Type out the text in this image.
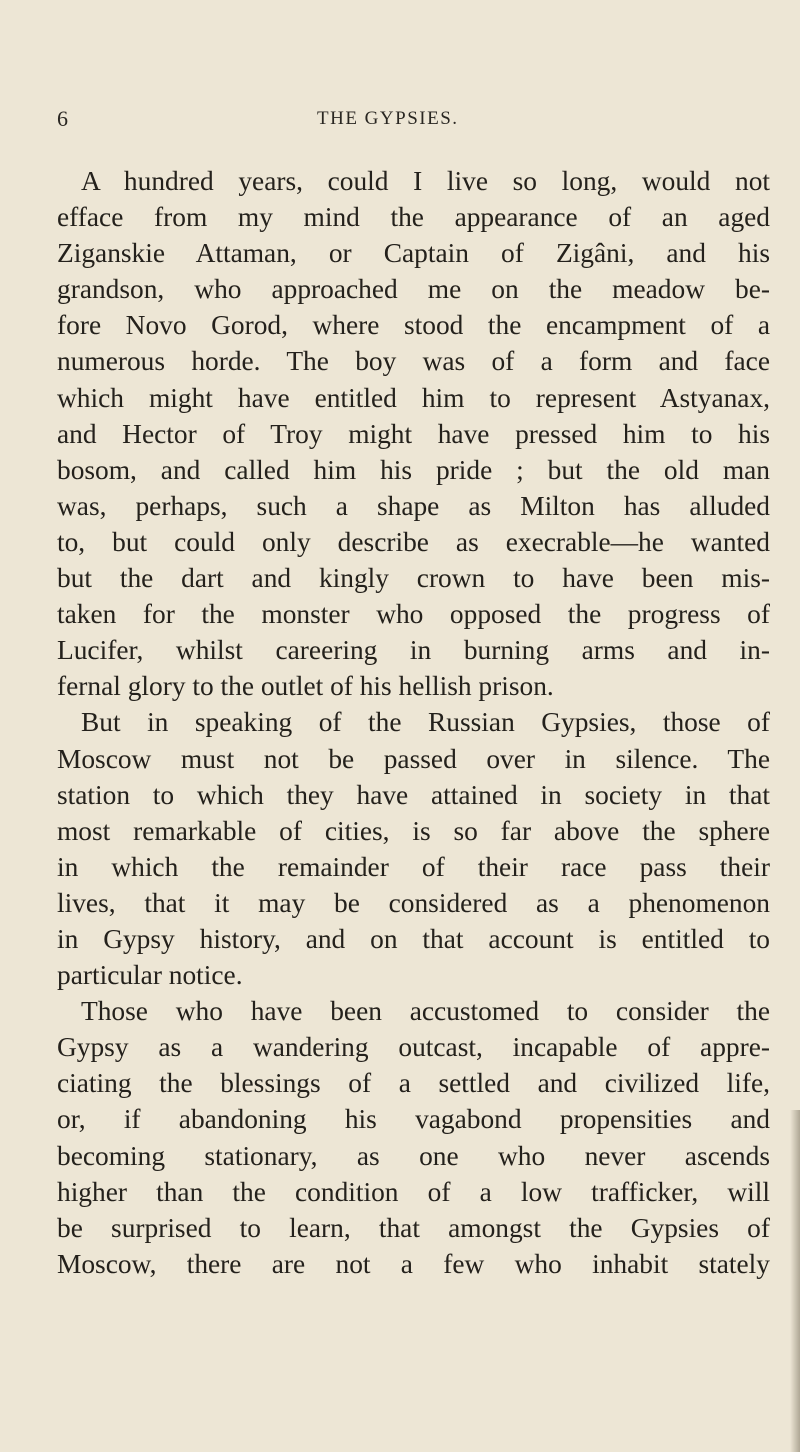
6	THE GYPSIES.
A hundred years, could I live so long, would not
efface from my mind the appearance of an aged
Ziganskie Attaman, or Captain of Zigâni, and his
grandson, who approached me on the meadow be-
fore Novo Gorod, where stood the encampment of a
numerous horde. The boy was of a form and face
which might have entitled him to represent Astyanax,
and Hector of Troy might have pressed him to his
bosom, and called him his pride ; but the old man
was, perhaps, such a shape as Milton has alluded
to, but could only describe as execrable—he wanted
but the dart and kingly crown to have been mis-
taken for the monster who opposed the progress of
Lucifer, whilst careering in burning arms and in-
fernal glory to the outlet of his hellish prison.
But in speaking of the Russian Gypsies, those of
Moscow must not be passed over in silence. The
station to which they have attained in society in that
most remarkable of cities, is so far above the sphere
in which the remainder of their race pass their
lives, that it may be considered as a phenomenon
in Gypsy history, and on that account is entitled to
particular notice.
Those who have been accustomed to consider the
Gypsy as a wandering outcast, incapable of appre-
ciating the blessings of a settled and civilized life,
or, if abandoning his vagabond propensities and
becoming stationary, as one who never ascends
higher than the condition of a low trafficker, will
be surprised to learn, that amongst the Gypsies of
Moscow, there are not a few who inhabit stately
